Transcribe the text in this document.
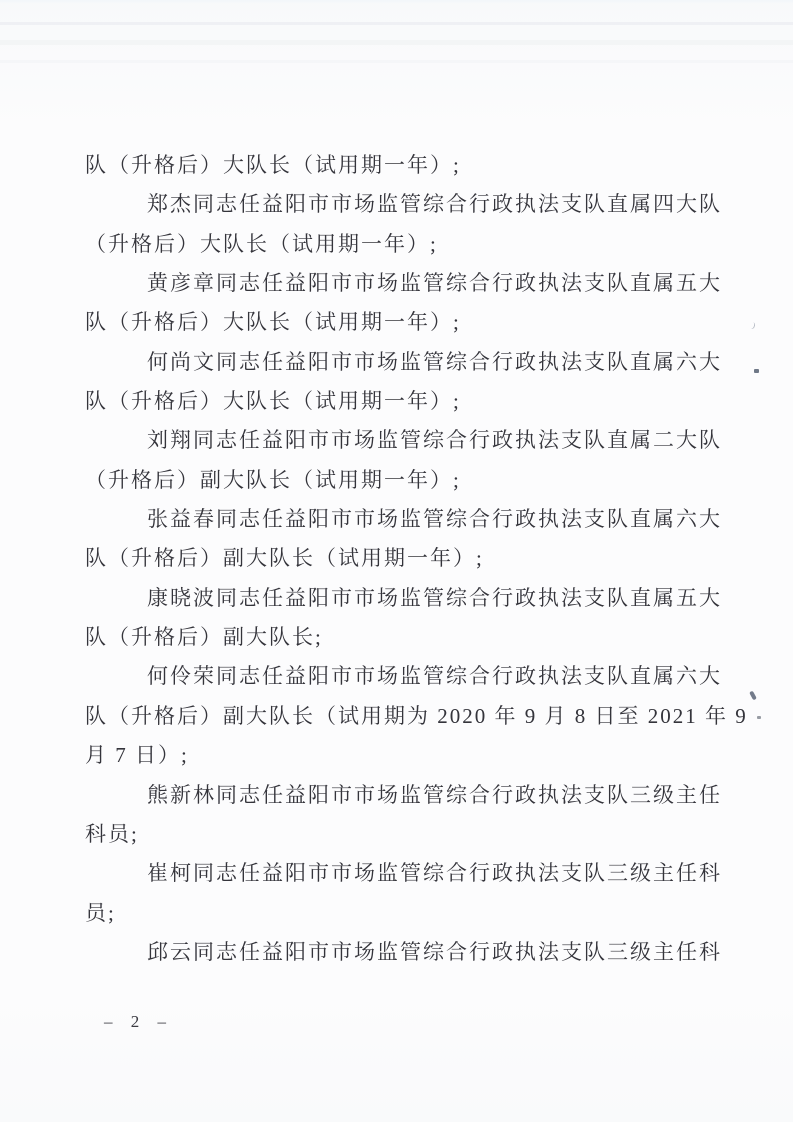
队（升格后）大队长（试用期一年）;
郑杰同志任益阳市市场监管综合行政执法支队直属四大队
（升格后）大队长（试用期一年）;
黄彦章同志任益阳市市场监管综合行政执法支队直属五大
队（升格后）大队长（试用期一年）;
何尚文同志任益阳市市场监管综合行政执法支队直属六大
队（升格后）大队长（试用期一年）;
刘翔同志任益阳市市场监管综合行政执法支队直属二大队
（升格后）副大队长（试用期一年）;
张益春同志任益阳市市场监管综合行政执法支队直属六大
队（升格后）副大队长（试用期一年）;
康晓波同志任益阳市市场监管综合行政执法支队直属五大
队（升格后）副大队长;
何伶荣同志任益阳市市场监管综合行政执法支队直属六大
队（升格后）副大队长（试用期为 2020 年 9 月 8 日至 2021 年 9
月 7 日）;
熊新林同志任益阳市市场监管综合行政执法支队三级主任
科员;
崔柯同志任益阳市市场监管综合行政执法支队三级主任科
员;
邱云同志任益阳市市场监管综合行政执法支队三级主任科
– 2 –
